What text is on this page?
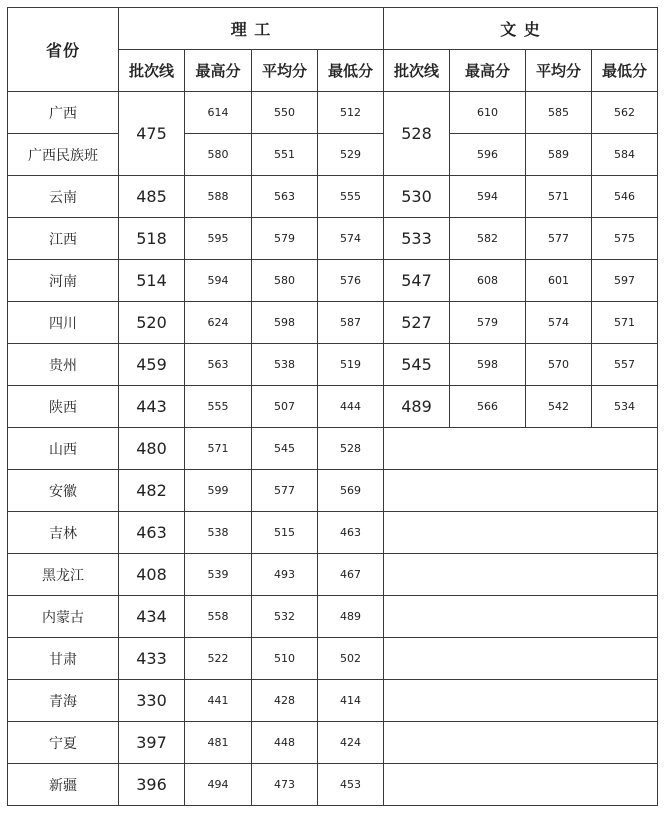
省份	理 工				文 史			
	批次线	最高分	平均分	最低分	批次线	最高分	平均分	最低分
广西	475	614	550	512	528	610	585	562
广西民族班		580	551	529		596	589	584
云南	485	588	563	555	530	594	571	546
江西	518	595	579	574	533	582	577	575
河南	514	594	580	576	547	608	601	597
四川	520	624	598	587	527	579	574	571
贵州	459	563	538	519	545	598	570	557
陕西	443	555	507	444	489	566	542	534
山西	480	571	545	528				
安徽	482	599	577	569				
吉林	463	538	515	463				
黑龙江	408	539	493	467				
内蒙古	434	558	532	489				
甘肃	433	522	510	502				
青海	330	441	428	414				
宁夏	397	481	448	424				
新疆	396	494	473	453				
